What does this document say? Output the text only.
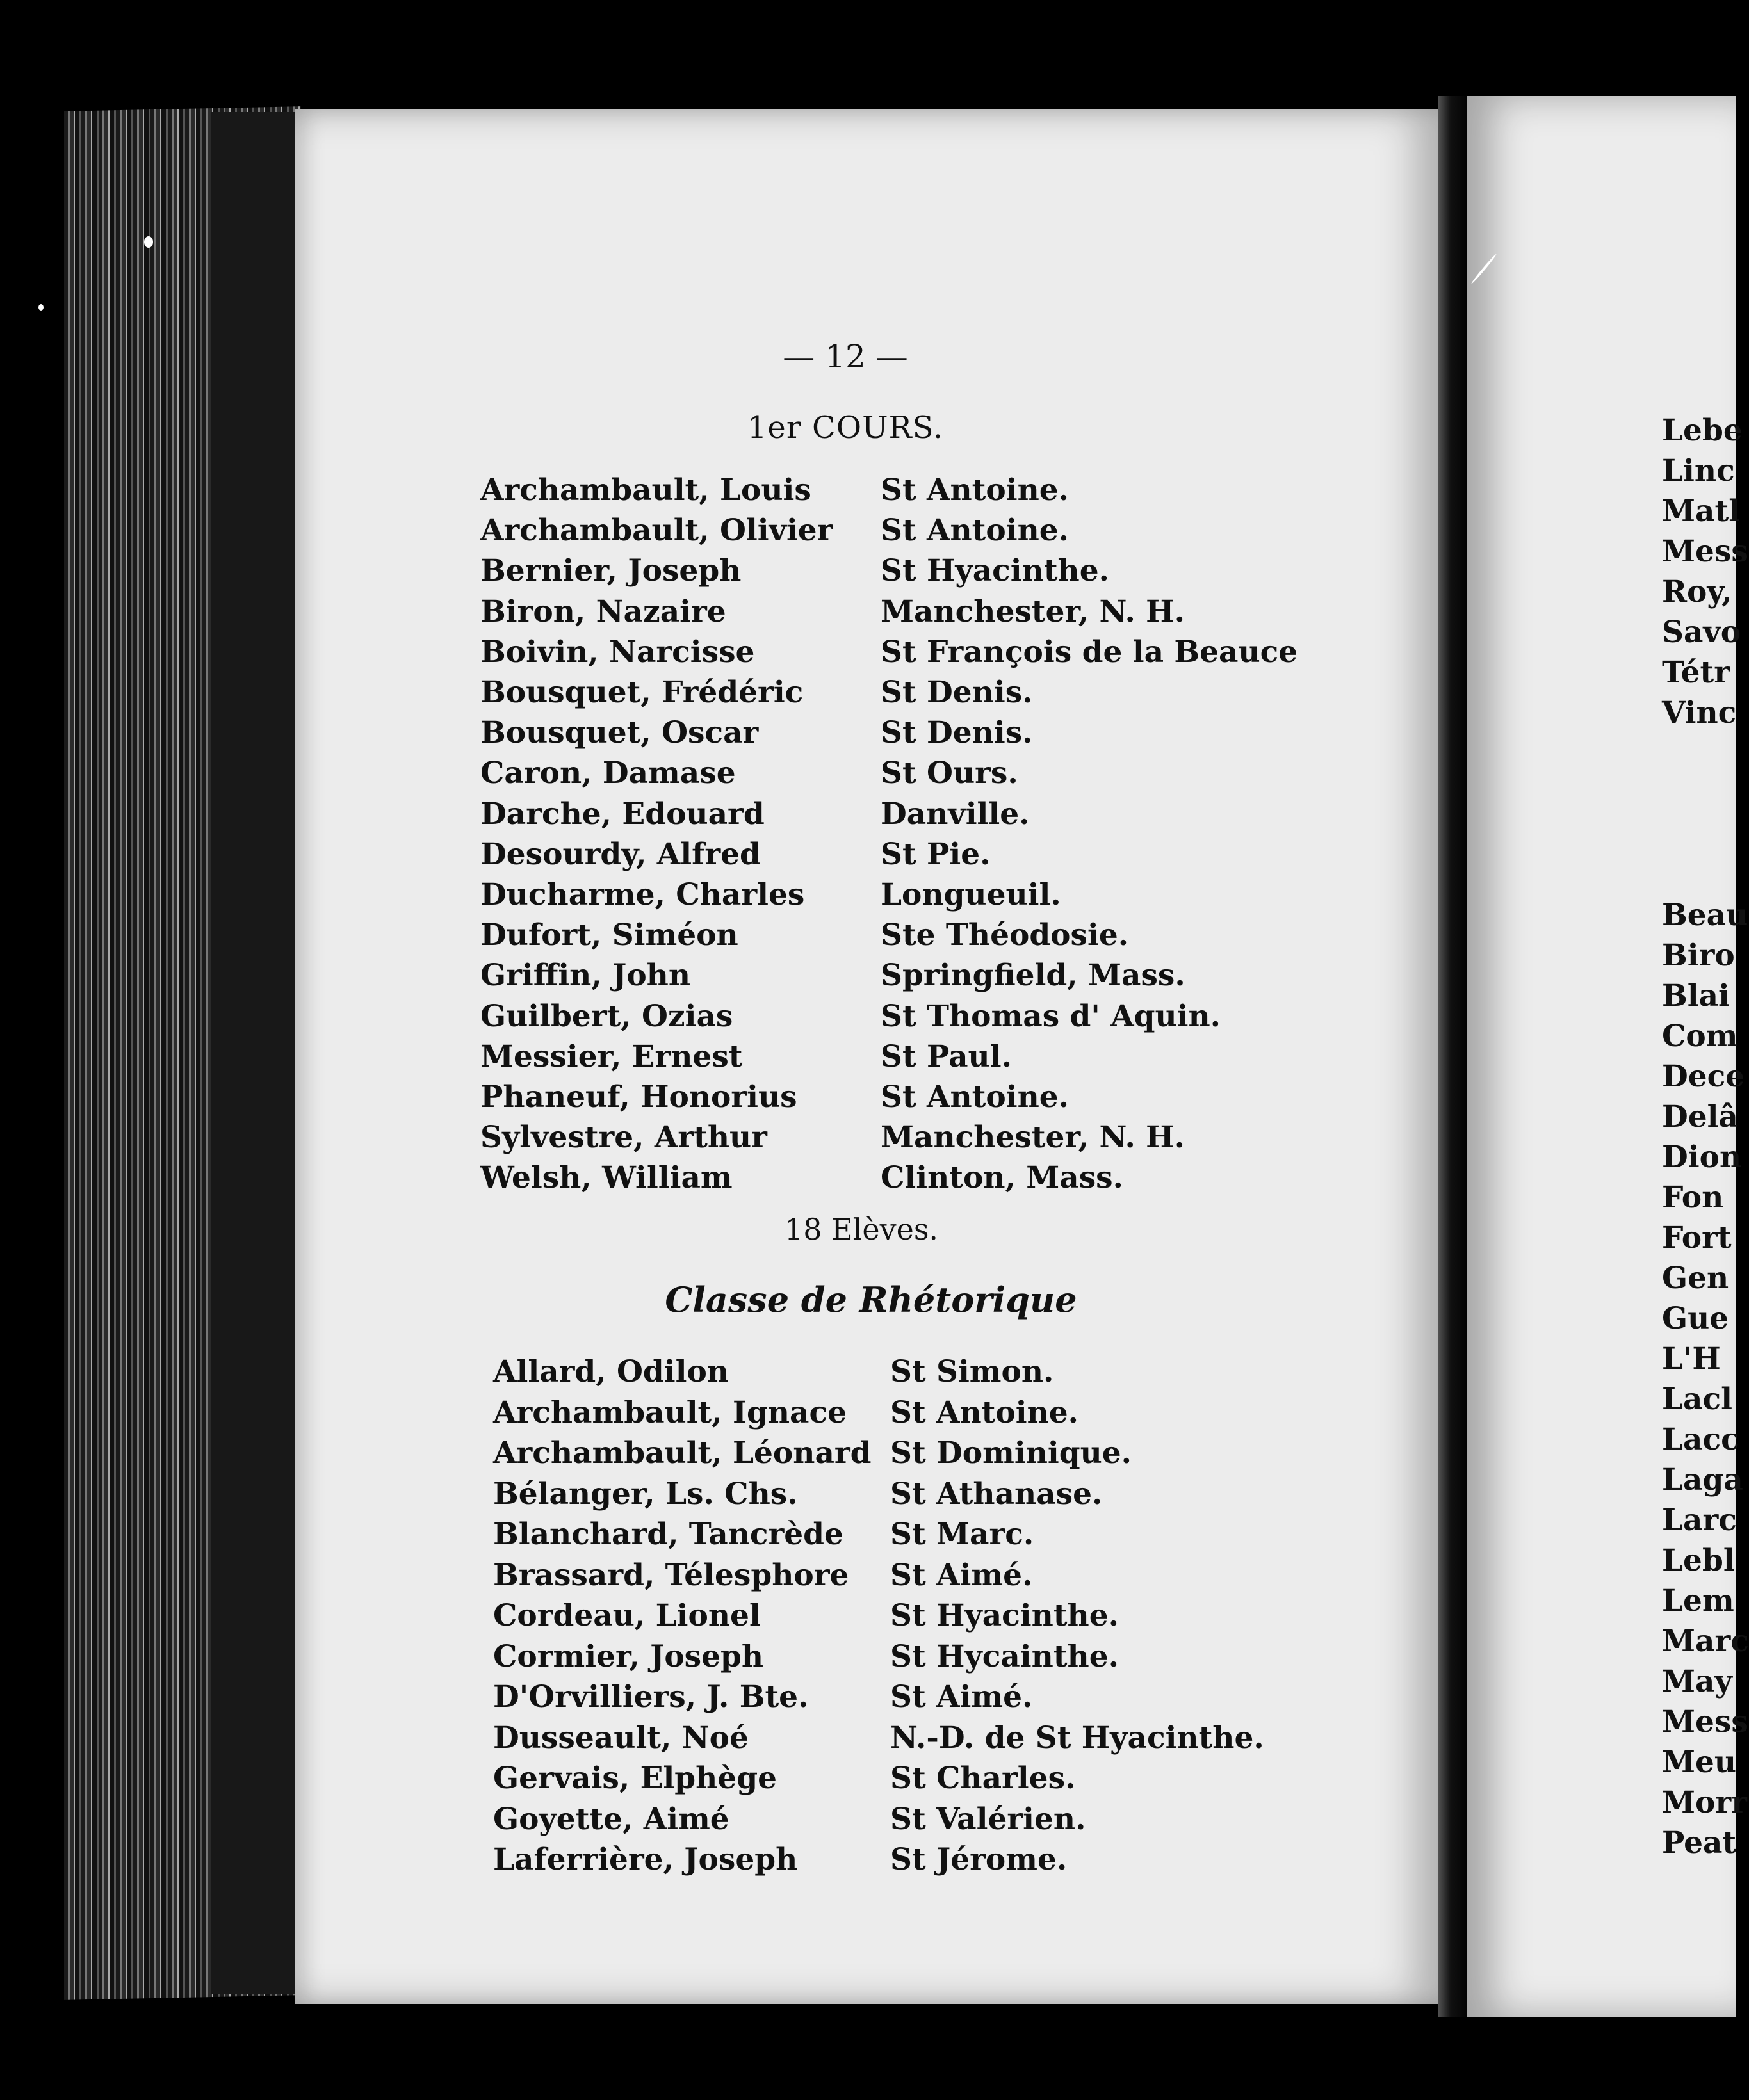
— 12 —
1er COURS.
Archambault, Louis St Antoine.
Archambault, Olivier St Antoine.
Bernier, Joseph	St Hyacinthe.
Biron, Nazaire	Manchester, N. H.
Boivin, Narcisse	St François de la Beauce
Bousquet, Frédéric	St Denis.
Bousquet, Oscar	St Denis.
Caron, Damase	St Ours.
Darche, Edouard	Danville.
Desourdy, Alfred	St Pie.
Ducharme, Charles	Longueuil.
Dufort, Siméon	Ste Théodosie.
Griffin, John	Springfield, Mass.
Guilbert, Ozias	St Thomas d' Aquin.
Messier, Ernest	St Paul.
Phaneuf, Honorius	St Antoine.
Sylvestre, Arthur	Manchester, N. H.
Welsh, William	Clinton, Mass.
18 Elèves.
Classe de Rhétorique
Allard, Odilon	St Simon.
Archambault, Ignace St Antoine.
Archambault, Léonard St Dominique.
Bélanger, Ls. Chs.	St Athanase.
Blanchard, Tancrède St Marc.
Brassard, Télesphore St Aimé.
Cordeau, Lionel	St Hyacinthe.
Cormier, Joseph	St Hycainthe.
D'Orvilliers, J. Bte.	St Aimé.
Dusseault, Noé	N.-D. de St Hyacinthe.
Gervais, Elphège	St Charles.
Goyette, Aimé	St Valérien.
Laferrière, Joseph	St Jérome.
Lebe
Linc
Matl
Mess
Roy,
Savo
Tétr
Vinc
Beau
Biro
Blai
Com
Dece
Delâ
Dion
Fon
Fort
Gen
Gue
L'H
Lacl
Lacc
Laga
Larc
Lebl
Lem
Marc
May
Mess
Meu
Morr
Peat
